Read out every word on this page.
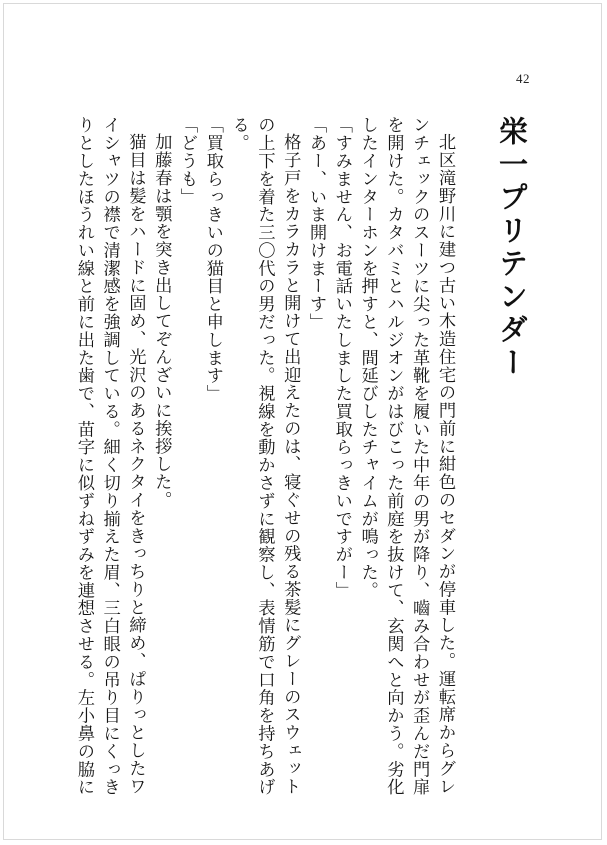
42

栄一プリテンダー

北区滝野川に建つ古い木造住宅の門前に紺色のセダンが停車した。運転席からグレンチェックのスーツに尖った革靴を履いた中年の男が降り、嚙み合わせが歪んだ門扉を開けた。カタバミとハルジオンがはびこった前庭を抜けて、玄関へと向かう。劣化したインターホンを押すと、間延びしたチャイムが鳴った。

「すみません、お電話いたしました買取らっきいですがー」

「あー、いま開けまーす」

格子戸をカラカラと開けて出迎えたのは、寝ぐせの残る茶髪にグレーのスウェットの上下を着た三〇代の男だった。視線を動かさずに観察し、表情筋で口角を持ちあげる。

「買取らっきいの猫目と申します」

「どうも」

加藤春は顎を突き出してぞんざいに挨拶した。

猫目は髪をハードに固め、光沢のあるネクタイをきっちりと締め、ぱりっとしたワイシャツの襟で清潔感を強調している。細く切り揃えた眉、三白眼の吊り目にくっきりとしたほうれい線と前に出た歯で、苗字に似ずねずみを連想させる。左小鼻の脇に
